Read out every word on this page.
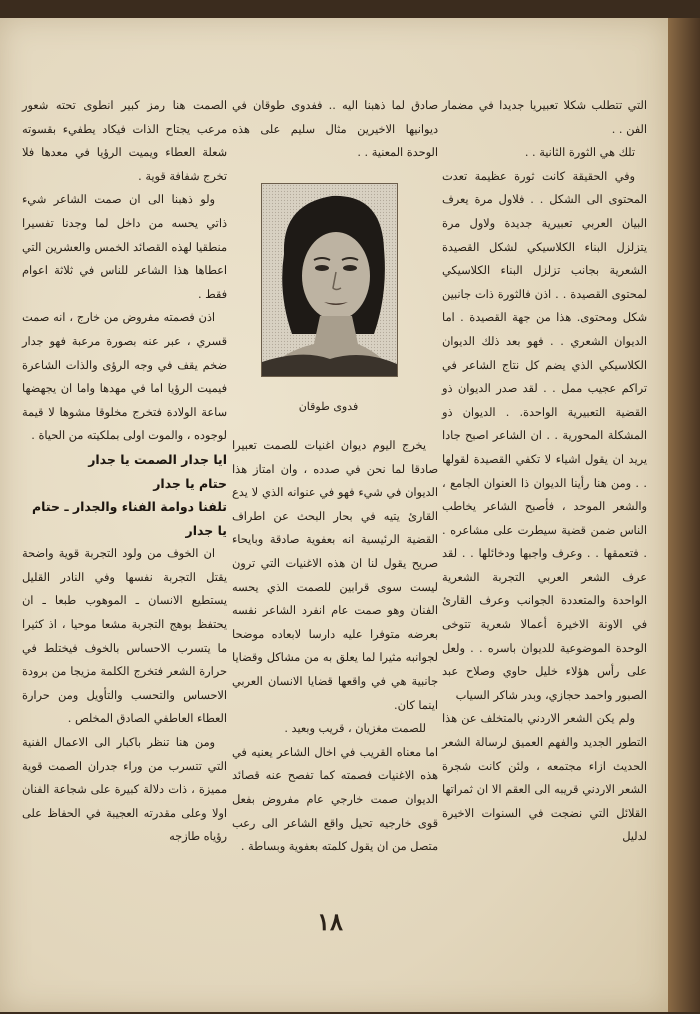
التي تتطلب شكلا تعبيريا جديدا في مضمار الفن . .

تلك هي الثورة الثانية . .

وفي الحقيقة كانت ثورة عظيمة تعدت المحتوى الى الشكل . . فلاول مرة يعرف البيان العربي تعبيرية جديدة ولاول مرة يتزلزل البناء الكلاسيكي لشكل القصيدة الشعرية بجانب تزلزل البناء الكلاسيكي لمحتوى القصيدة . . اذن فالثورة ذات جانبين شكل ومحتوى. هذا من جهة القصيدة . اما الديوان الشعري . . فهو بعد ذلك الديوان الكلاسيكي الذي يضم كل نتاج الشاعر في تراكم عجيب ممل . . لقد صدر الديوان ذو القضية التعبيرية الواحدة. . الديوان ذو المشكلة المحورية . . ان الشاعر اصبح جادا يريد ان يقول اشياء لا تكفي القصيدة لقولها . . ومن هنا رأينا الديوان ذا العنوان الجامع ، والشعر الموحد ، فأصبح الشاعر يخاطب الناس ضمن قضية سيطرت على مشاعره . . فتعمقها . . وعرف واجبها ودخائلها . . لقد عرف الشعر العربي التجربة الشعرية الواحدة والمتعددة الجوانب وعرف القارئ في الاونة الاخيرة أعمالا شعرية تتوخى الوحدة الموضوعية للديوان باسره . . ولعل على رأس هؤلاء خليل حاوي وصلاح عبد الصبور واحمد حجازي، وبدر شاكر السياب

ولم يكن الشعر الاردني بالمتخلف عن هذا التطور الجديد والفهم العميق لرسالة الشعر الحديث ازاء مجتمعه ، ولئن كانت شجرة الشعر الاردني قريبه الى العقم الا ان ثمراتها القلائل التي نضجت في السنوات الاخيرة لدليل

صادق لما ذهبنا اليه .. ففدوى طوقان في ديوانيها الاخيرين مثال سليم على هذه الوحدة المعنية . .

فدوى طوقان

يخرج اليوم ديوان اغنيات للصمت تعبيرا صادقا لما نحن في صدده ، وان امتاز هذا الديوان في شيء فهو في عنوانه الذي لا يدع القارئ يتيه في بحار البحث عن اطراف القضية الرئيسية انه بعفوية صادقة وبايحاء صريح يقول لنا ان هذه الاغنيات التي ترون ليست سوى قرابين للصمت الذي يحسه الفنان وهو صمت عام انفرد الشاعر نفسه بعرضه متوفرا عليه دارسا لابعاده موضحا لجوانبه مثيرا لما يعلق به من مشاكل وقضايا جانبية هي في واقعها قضايا الانسان العربي اينما كان.

للصمت مغزيان ، قريب وبعيد .

اما معناه القريب في اخال الشاعر يعنيه في هذه الاغنيات فصمته كما تفصح عنه قصائد الديوان صمت خارجي عام مفروض بفعل قوى خارجيه تحيل واقع الشاعر الى رعب متصل من ان يقول كلمته بعفوية وبساطة .

الصمت هنا رمز كبير انطوى تحته شعور مرعب يجتاح الذات فيكاد يطفيء بقسوته شعلة العطاء ويميت الرؤيا في معدها فلا تخرج شفافة قوية .

ولو ذهبنا الى ان صمت الشاعر شيء ذاتي يحسه من داخل لما وجدنا تفسيرا منطقيا لهذه القصائد الخمس والعشرين التي اعطاها هذا الشاعر للناس في ثلاثة اعوام فقط .

اذن فصمته مفروض من خارج ، انه صمت قسري ، عبر عنه بصورة مرعبة فهو جدار ضخم يقف في وجه الرؤى والذات الشاعرة فيميت الرؤيا اما في مهدها واما ان يجهضها ساعة الولادة فتخرج مخلوقا مشوها لا قيمة لوجوده ، والموت اولى بملكيته من الحياة .

ايا جدار الصمت يا جدار
حتام يا جدار
تلفنا دوامة الفناء والجدار ـ حتام
يا جدار

ان الخوف من ولود التجربة قوية واضحة يقتل التجربة نفسها وفي النادر القليل يستطيع الانسان ـ الموهوب طبعا ـ ان يحتفظ بوهج التجربة مشعا موحيا ، اذ كثيرا ما يتسرب الاحساس بالخوف فيختلط في حرارة الشعر فتخرج الكلمة مزيجا من برودة الاحساس والتحسب والتأويل ومن حرارة العطاء العاطفي الصادق المخلص .

ومن هنا تنظر باكبار الى الاعمال الفنية التي تتسرب من وراء جدران الصمت قوية مميزة ، ذات دلالة كبيرة على شجاعة الفنان اولا وعلى مقدرته العجيبة في الحفاظ على رؤياه طازجه

١٨
